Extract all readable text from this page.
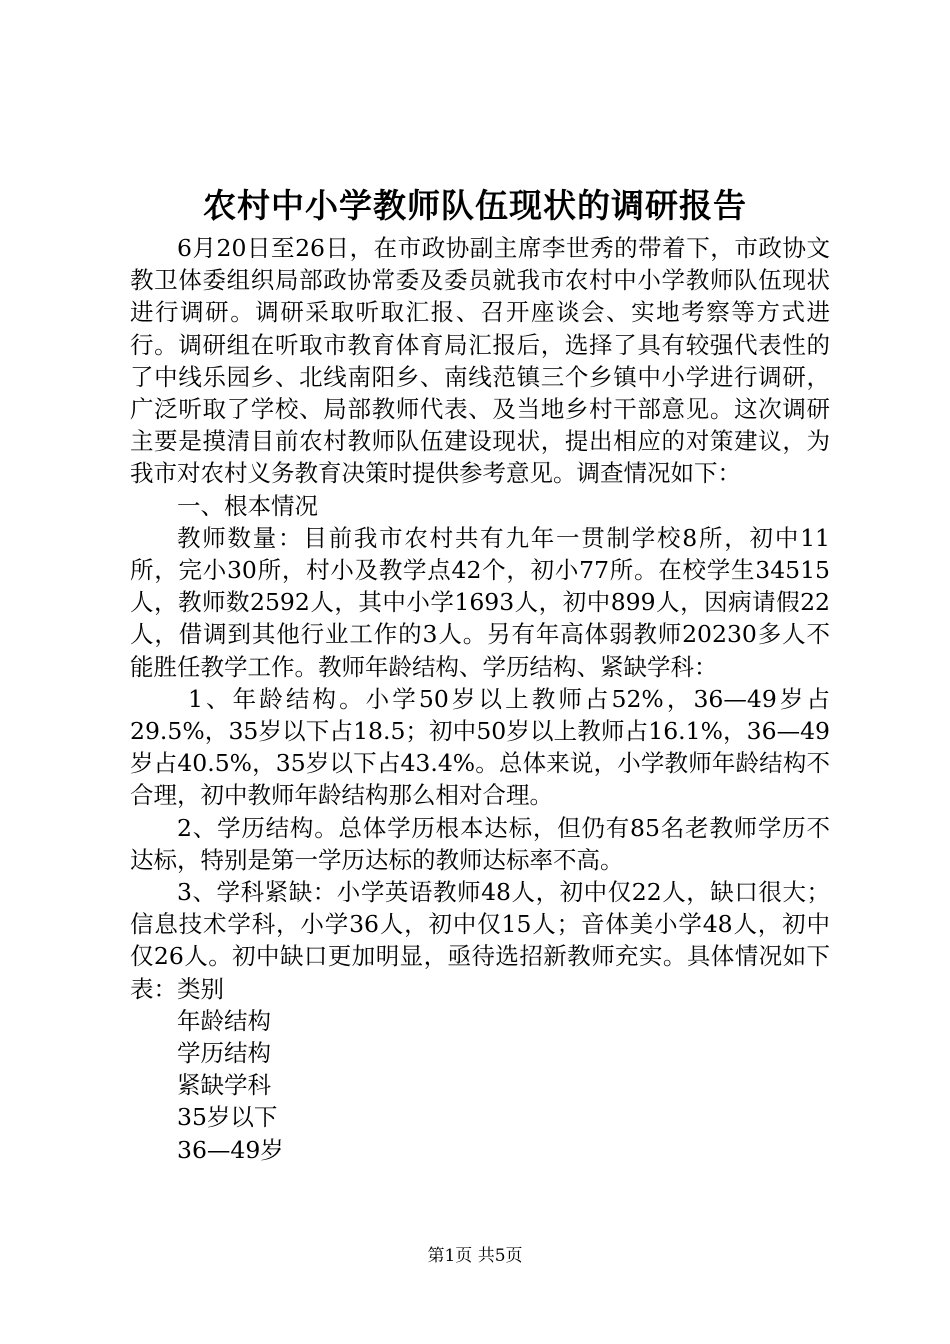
农村中小学教师队伍现状的调研报告

6月20日至26日，在市政协副主席李世秀的带着下，市政协文教卫体委组织局部政协常委及委员就我市农村中小学教师队伍现状进行调研。调研采取听取汇报、召开座谈会、实地考察等方式进行。调研组在听取市教育体育局汇报后，选择了具有较强代表性的了中线乐园乡、北线南阳乡、南线范镇三个乡镇中小学进行调研，广泛听取了学校、局部教师代表、及当地乡村干部意见。这次调研主要是摸清目前农村教师队伍建设现状，提出相应的对策建议，为我市对农村义务教育决策时提供参考意见。调查情况如下：

一、根本情况

教师数量：目前我市农村共有九年一贯制学校8所，初中11所，完小30所，村小及教学点42个，初小77所。在校学生34515人，教师数2592人，其中小学1693人，初中899人，因病请假22人，借调到其他行业工作的3人。另有年高体弱教师20230多人不能胜任教学工作。教师年龄结构、学历结构、紧缺学科：

1、年龄结构。小学50岁以上教师占52%，36—49岁占29.5%，35岁以下占18.5；初中50岁以上教师占16.1%，36—49岁占40.5%，35岁以下占43.4%。总体来说，小学教师年龄结构不合理，初中教师年龄结构那么相对合理。

2、学历结构。总体学历根本达标，但仍有85名老教师学历不达标，特别是第一学历达标的教师达标率不高。

3、学科紧缺：小学英语教师48人，初中仅22人，缺口很大；信息技术学科，小学36人，初中仅15人；音体美小学48人，初中仅26人。初中缺口更加明显，亟待选招新教师充实。具体情况如下表：类别

年龄结构

学历结构

紧缺学科

35岁以下

36—49岁

第1页 共5页
